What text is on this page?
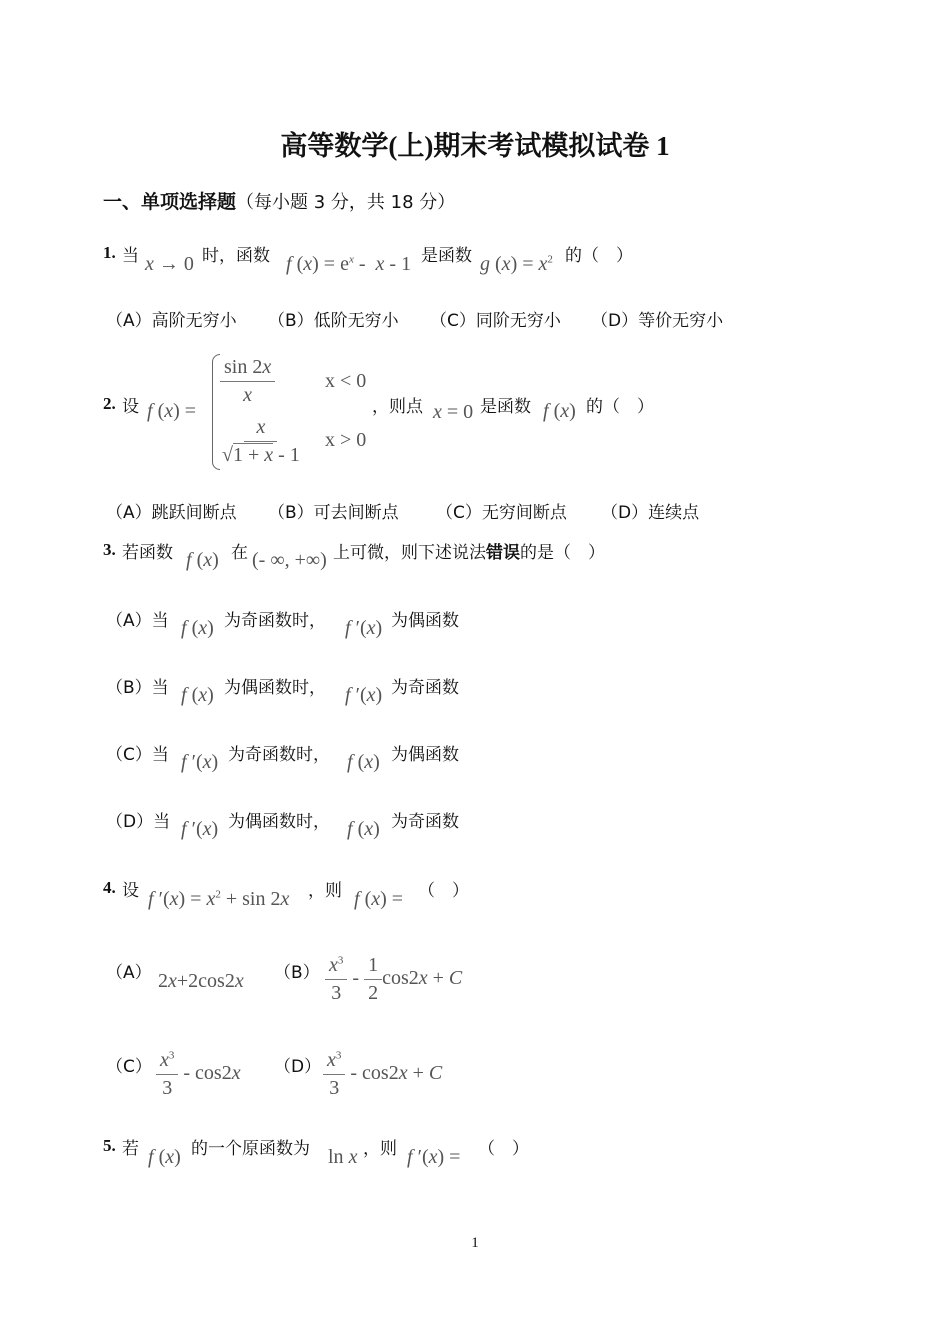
高等数学(上)期末考试模拟试卷 1
一、单项选择题（每小题 3 分，共 18 分）
1. 当 x → 0 时，函数 f $(x) = e^x - x - 1$ 是函数 g $(x) = x^2$ 的（　）
（A）高阶无穷小 （B）低阶无穷小 （C）同阶无穷小 （D）等价无穷小
2. 设 f (x) =
$\frac{\sin 2x}{x}$ x < 0
$\frac{x}{√1 + x - 1}$ x > 0
，则点 x = 0 是函数 f (x) 的（　）
（A）跳跃间断点 （B）可去间断点 （C）无穷间断点 （D）连续点
3. 若函数 f (x) 在 (- ∞, +∞) 上可微，则下述说法错误的是（　）
（A）当 f (x) 为奇函数时， f ′(x) 为偶函数
（B）当 f (x) 为偶函数时， f ′(x) 为奇函数
（C）当 f ′(x) 为奇函数时， f (x) 为偶函数
（D）当 f ′(x) 为偶函数时， f (x) 为奇函数
4. 设 f $'(x) = x^2 + \sin 2x$ ，则 f (x) = （　）
（A） 2x+2cos2x $(B) \frac{x^3}{3} - \frac{1}{2} \cos 2x + C$
$(C) \frac{x^3}{3} - \cos 2x$ $(D) \frac{x^3}{3} - \cos 2x + C$
5. 若 f (x) 的一个原函数为 ln x ，则 f ′(x) = （　）
1
